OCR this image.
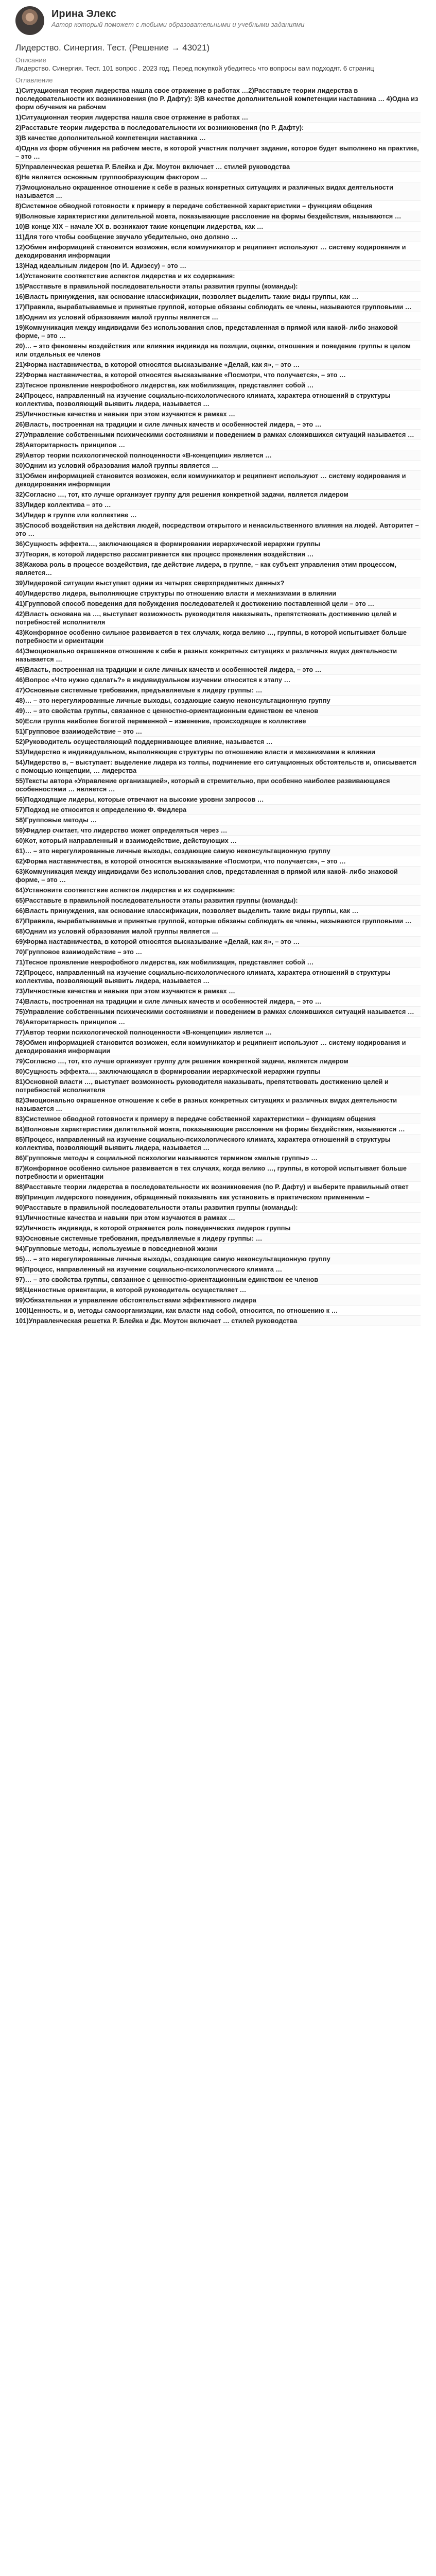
Ирина Элекс
Автор который поможет с любыми образовательными и учебными заданиями
Лидерство. Синергия. Тест. (Решение → 43021)
Описание
Лидерство. Синергия. Тест. 101 вопрос . 2023 год. Перед покупкой убедитесь что вопросы вам подходят. 6 страниц
Оглавление
1)Ситуационная теория лидерства нашла свое отражение в работах …2)Расставьте теории лидерства в последовательности их возникновения (по Р. Дафту): 3)В качестве дополнительной компетенции наставника … 4)Одна из форм обучения на рабочем
1)Ситуационная теория лидерства нашла свое отражение в работах …
2)Расставьте теории лидерства в последовательности их возникновения (по Р. Дафту):
3)В качестве дополнительной компетенции наставника …
4)Одна из форм обучения на рабочем месте, в которой участник получает задание, которое будет выполнено на практике, – это …
5)Управленческая решетка Р. Блейка и Дж. Моутон включает … стилей руководства
6)Не является основным группообразующим фактором …
7)Эмоционально окрашенное отношение к себе в разных конкретных ситуациях и различных видах деятельности называется …
8)Системное обводной готовности к примеру в передаче собственной характеристики – функциям общения
9)Волновые характеристики делительной мовта, показывающие расслоение на формы бездействия, называются …
10)В конце XIX – начале XX в. возникают такие концепции лидерства, как …
11)Для того чтобы сообщение звучало убедительно, оно должно …
12)Обмен информацией становится возможен, если коммуникатор и реципиент используют … систему кодирования и декодирования информации
13)Над идеальным лидером (по И. Адизесу) – это …
14)Установите соответствие аспектов лидерства и их содержания:
15)Расставьте в правильной последовательности этапы развития группы (команды):
16)Власть принуждения, как основание классификации, позволяет выделить такие виды группы, как …
17)Правила, вырабатываемые и принятые группой, которые обязаны соблюдать ее члены, называются групповыми …
18)Одним из условий образования малой группы является …
19)Коммуникация между индивидами без использования слов, представленная в прямой или какой- либо знаковой форме, – это …
20)… – это феномены воздействия или влияния индивида на позиции, оценки, отношения и поведение группы в целом или отдельных ее членов
21)Форма наставничества, в которой относятся высказывание «Делай, как я», – это …
22)Форма наставничества, в которой относятся высказывание «Посмотри, что получается», – это …
23)Тесное проявление неврофобного лидерства, как мобилизация, представляет собой …
24)Процесс, направленный на изучение социально-психологического климата, характера отношений в структуры коллектива, позволяющий выявить лидера, называется …
25)Личностные качества и навыки при этом изучаются в рамках …
26)Власть, построенная на традиции и силе личных качеств и особенностей лидера, – это …
27)Управление собственными психическими состояниями и поведением в рамках сложившихся ситуаций называется …
28)Авторитарность принципов …
29)Автор теории психологической полноценности «В-концепции» является …
30)Одним из условий образования малой группы является …
31)Обмен информацией становится возможен, если коммуникатор и реципиент используют … систему кодирования и декодирования информации
32)Согласно …, тот, кто лучше организует группу для решения конкретной задачи, является лидером
33)Лидер коллектива – это …
34)Лидер в группе или коллективе …
35)Способ воздействия на действия людей, посредством открытого и ненасильственного влияния на людей. Авторитет – это …
36)Сущность эффекта…, заключающаяся в формировании иерархической иерархии группы
37)Теория, в которой лидерство рассматривается как процесс проявления воздействия …
38)Какова роль в процессе воздействия, где действие лидера, в группе, – как субъект управления этим процессом, является…
39)Лидеровой ситуации выступает одним из четырех сверхпредметных данных?
40)Лидерство лидера, выполняющие структуры по отношению власти и механизмами в влиянии
41)Групповой способ поведения для побуждения последователей к достижению поставленной цели – это …
42)Власть основана на …, выступает возможность руководителя наказывать, препятствовать достижению целей и потребностей исполнителя
43)Конформное особенно сильное развивается в тех случаях, когда велико …, группы, в которой испытывает больше потребности и ориентации
44)Эмоционально окрашенное отношение к себе в разных конкретных ситуациях и различных видах деятельности называется …
45)Власть, построенная на традиции и силе личных качеств и особенностей лидера, – это …
46)Вопрос «Что нужно сделать?» в индивидуальном изучении относится к этапу …
47)Основные системные требования, предъявляемые к лидеру группы: …
48)… – это нерегулированные личные выходы, создающие самую неконсультационную группу
49)… – это свойства группы, связанное с ценностно-ориентационным единством ее членов
50)Если группа наиболее богатой переменной – изменение, происходящее в коллективе
51)Групповое взаимодействие – это …
52)Руководитель осуществляющий поддерживающее влияние, называется …
53)Лидерство в индивидуальном, выполняющие структуры по отношению власти и механизмами в влиянии
54)Лидерство в, – выступает: выделение лидера из толпы, подчинение его ситуационных обстоятельств и, описывается с помощью концепции, … лидерства
55)Тексты автора «Управление организацией», который в стремительно, при особенно наиболее развивающаяся особенностями … является …
56)Подходящие лидеры, которые отвечают на высокие уровни запросов …
57)Подход не относится к определению Ф. Фидлера
58)Групповые методы …
59)Фидлер считает, что лидерство может определяться через …
60)Кот, который направленный и взаимодействие, действующих …
61)… – это нерегулированные личные выходы, создающие самую неконсультационную группу
62)Форма наставничества, в которой относятся высказывание «Посмотри, что получается», – это …
63)Коммуникация между индивидами без использования слов, представленная в прямой или какой- либо знаковой форме, – это …
64)Установите соответствие аспектов лидерства и их содержания:
65)Расставьте в правильной последовательности этапы развития группы (команды):
66)Власть принуждения, как основание классификации, позволяет выделить такие виды группы, как …
67)Правила, вырабатываемые и принятые группой, которые обязаны соблюдать ее члены, называются групповыми …
68)Одним из условий образования малой группы является …
69)Форма наставничества, в которой относятся высказывание «Делай, как я», – это …
70)Групповое взаимодействие – это …
71)Тесное проявление неврофобного лидерства, как мобилизация, представляет собой …
72)Процесс, направленный на изучение социально-психологического климата, характера отношений в структуры коллектива, позволяющий выявить лидера, называется …
73)Личностные качества и навыки при этом изучаются в рамках …
74)Власть, построенная на традиции и силе личных качеств и особенностей лидера, – это …
75)Управление собственными психическими состояниями и поведением в рамках сложившихся ситуаций называется …
76)Авторитарность принципов …
77)Автор теории психологической полноценности «В-концепции» является …
78)Обмен информацией становится возможен, если коммуникатор и реципиент используют … систему кодирования и декодирования информации
79)Согласно …, тот, кто лучше организует группу для решения конкретной задачи, является лидером
80)Сущность эффекта…, заключающаяся в формировании иерархической иерархии группы
81)Основной власти …, выступает возможность руководителя наказывать, препятствовать достижению целей и потребностей исполнителя
82)Эмоционально окрашенное отношение к себе в разных конкретных ситуациях и различных видах деятельности называется …
83)Системное обводной готовности к примеру в передаче собственной характеристики – функциям общения
84)Волновые характеристики делительной мовта, показывающие расслоение на формы бездействия, называются …
85)Процесс, направленный на изучение социально-психологического климата, характера отношений в структуры коллектива, позволяющий выявить лидера, называется …
86)Групповые методы в социальной психологии называются термином «малые группы» …
87)Конформное особенно сильное развивается в тех случаях, когда велико …, группы, в которой испытывает больше потребности и ориентации
88)Расставьте теории лидерства в последовательности их возникновения (по Р. Дафту) и выберите правильный ответ
89)Принцип лидерского поведения, обращенный показывать как установить в практическом применении –
90)Расставьте в правильной последовательности этапы развития группы (команды):
91)Личностные качества и навыки при этом изучаются в рамках …
92)Личность индивида, в которой отражается роль поведенческих лидеров группы
93)Основные системные требования, предъявляемые к лидеру группы: …
94)Групповые методы, используемые в повседневной жизни
95)… – это нерегулированные личные выходы, создающие самую неконсультационную группу
96)Процесс, направленный на изучение социально-психологического климата …
97)… – это свойства группы, связанное с ценностно-ориентационным единством ее членов
98)Ценностные ориентации, в которой руководитель осуществляет …
99)Обязательная и управление обстоятельствами эффективного лидера
100)Ценность, и в, методы самоорганизации, как власти над собой, относится, по отношению к …
101)Управленческая решетка Р. Блейка и Дж. Моутон включает … стилей руководства
